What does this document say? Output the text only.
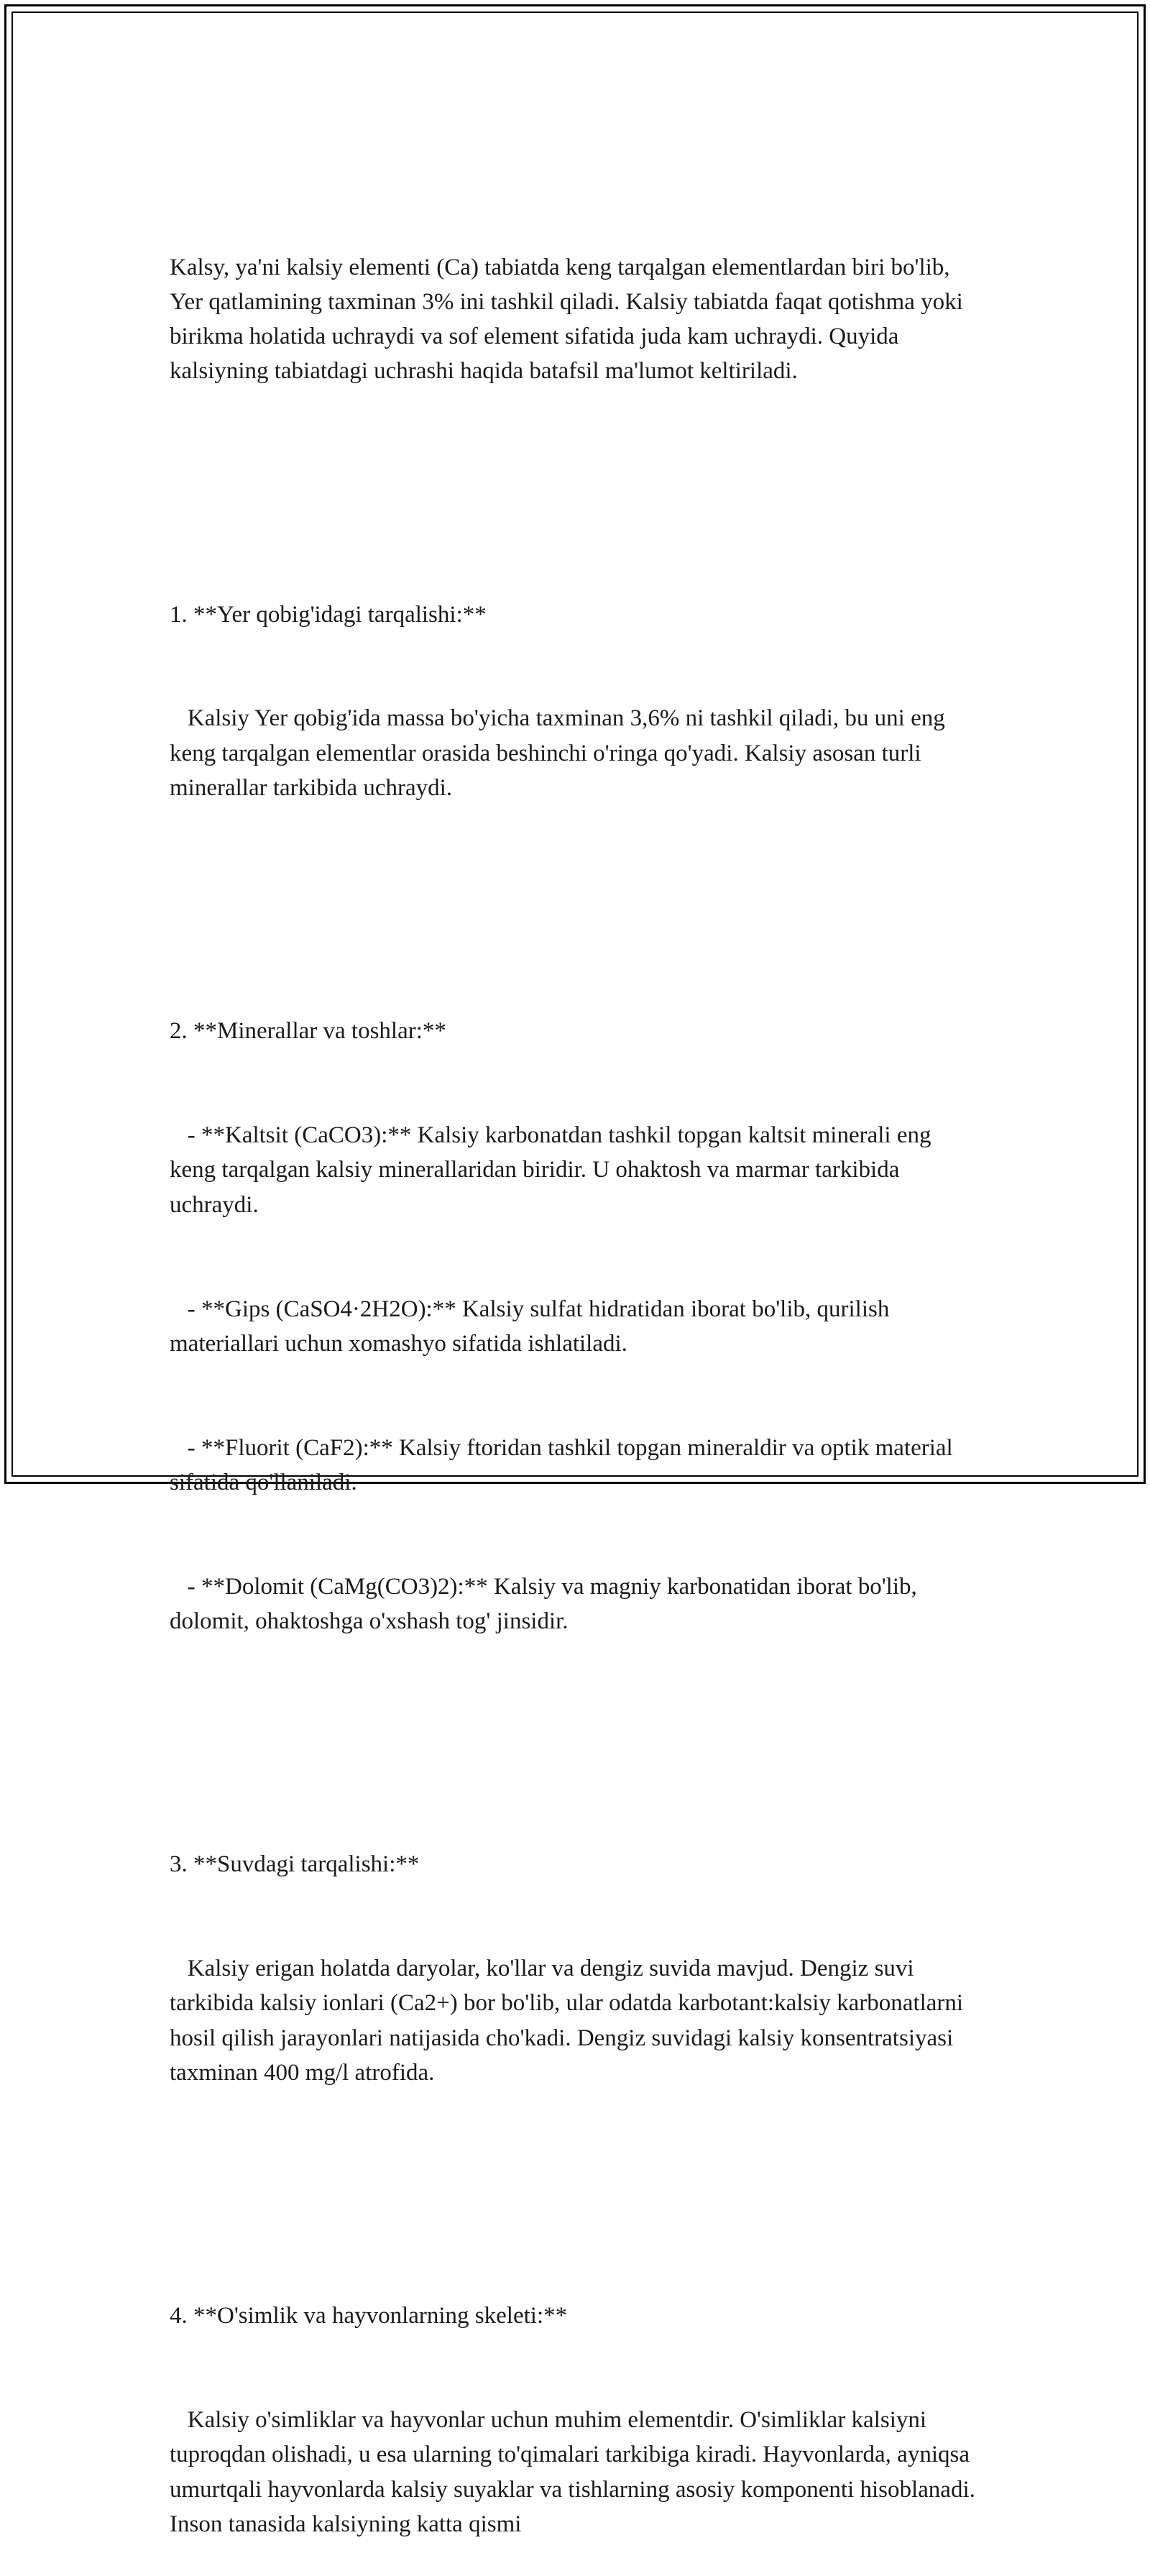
Kalsy, ya'ni kalsiy elementi (Ca) tabiatda keng tarqalgan elementlardan biri bo'lib, Yer qatlamining taxminan 3% ini tashkil qiladi. Kalsiy tabiatda faqat qotishma yoki birikma holatida uchraydi va sof element sifatida juda kam uchraydi. Quyida kalsiyning tabiatdagi uchrashi haqida batafsil ma'lumot keltiriladi.

1. **Yer qobig'idagi tarqalishi:**

Kalsiy Yer qobig'ida massa bo'yicha taxminan 3,6% ni tashkil qiladi, bu uni eng keng tarqalgan elementlar orasida beshinchi o'ringa qo'yadi. Kalsiy asosan turli minerallar tarkibida uchraydi.

2. **Minerallar va toshlar:**

- **Kaltsit (CaCO3):** Kalsiy karbonatdan tashkil topgan kaltsit minerali eng keng tarqalgan kalsiy minerallaridan biridir. U ohaktosh va marmar tarkibida uchraydi.

- **Gips (CaSO4·2H2O):** Kalsiy sulfat hidratidan iborat bo'lib, qurilish materiallari uchun xomashyo sifatida ishlatiladi.

- **Fluorit (CaF2):** Kalsiy ftoridan tashkil topgan mineraldir va optik material sifatida qo'llaniladi.

- **Dolomit (CaMg(CO3)2):** Kalsiy va magniy karbonatidan iborat bo'lib, dolomit, ohaktoshga o'xshash tog' jinsidir.

3. **Suvdagi tarqalishi:**

Kalsiy erigan holatda daryolar, ko'llar va dengiz suvida mavjud. Dengiz suvi tarkibida kalsiy ionlari (Ca2+) bor bo'lib, ular odatda karbotant:kalsiy karbonatlarni hosil qilish jarayonlari natijasida cho'kadi. Dengiz suvidagi kalsiy konsentratsiyasi taxminan 400 mg/l atrofida.

4. **O'simlik va hayvonlarning skeleti:**

Kalsiy o'simliklar va hayvonlar uchun muhim elementdir. O'simliklar kalsiyni tuproqdan olishadi, u esa ularning to'qimalari tarkibiga kiradi. Hayvonlarda, ayniqsa umurtqali hayvonlarda kalsiy suyaklar va tishlarning asosiy komponenti hisoblanadi. Inson tanasida kalsiyning katta qismi
